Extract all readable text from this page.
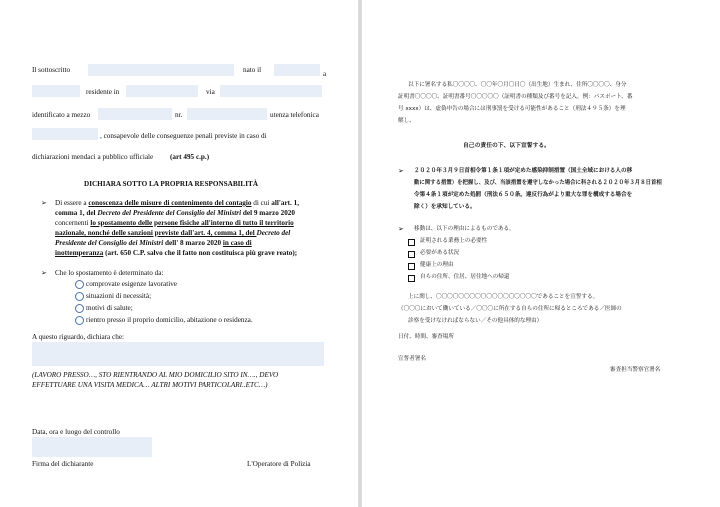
Il sottoscritto	nato il	a
residente in	via
identificato a mezzo	nr.	utenza telefonica
, consapevole delle conseguenze penali previste in caso di
dichiarazioni mendaci a pubblico ufficiale (art 495 c.p.)
DICHIARA SOTTO LA PROPRIA RESPONSABILITÀ
➢ Di essere a conoscenza delle misure di contenimento del contagio di cui all'art. 1,
comma 1, del Decreto del Presidente del Consiglio dei Ministri del 9 marzo 2020
concernenti lo spostamento delle persone fisiche all'interno di tutto il territorio
nazionale, nonché delle sanzioni previste dall'art. 4, comma 1, del Decreto del
Presidente del Consiglio dei Ministri dell' 8 marzo 2020 in caso di
inottemperanza (art. 650 C.P. salvo che il fatto non costituisca più grave reato);
➢ Che lo spostamento è determinato da:
comprovate esigenze lavorative
situazioni di necessità;
motivi di salute;
rientro presso il proprio domicilio, abitazione o residenza.
A questo riguardo, dichiara che:
(LAVORO PRESSO…, STO RIENTRANDO AL MIO DOMICILIO SITO IN…., DEVO
EFFETTUARE UNA VISITA MEDICA… ALTRI MOTIVI PARTICOLARI..ETC…)
Data, ora e luogo del controllo
Firma del dichiarante	L'Operatore di Polizia
以下に署名する私〇〇〇〇、〇〇年〇月〇日〇（出生地）生まれ、住所〇〇〇〇、身分
証明書〇〇〇〇、証明書番号〇〇〇〇〇（証明書の種類及び番号を記入。例：パスポート、番
号 xxxx）は、虚偽申告の場合には刑事罰を受ける可能性があること（刑法４９５条）を理
解し、
自己の責任の下、以下宣誓する。
➢ ２０２０年３月９日首相令第１条１項が定めた感染抑制措置（国土全域における人の移
動に関する措置）を把握し、及び、当該措置を遵守しなかった場合に科される２０２０年３月８日首相
令第４条１項が定めた処罰（刑法６５０条。違反行為がより重大な罪を構成する場合を
除く）を承知している。
➢ 移動は、以下の理由によるものである。
証明される業務上の必要性
必要がある状況
健康上の理由
自らの住所、住居、居住地への帰還
上に関し、〇〇〇〇〇〇〇〇〇〇〇〇〇〇〇〇〇〇であることを宣誓する。
（〇〇〇において働いている／〇〇〇に所在する自らの住所に帰るところである／医師の
診察を受けなければならない／その他具体的な理由）
日付、時間、審査場所
宣誓者署名
審査担当警察官署名
